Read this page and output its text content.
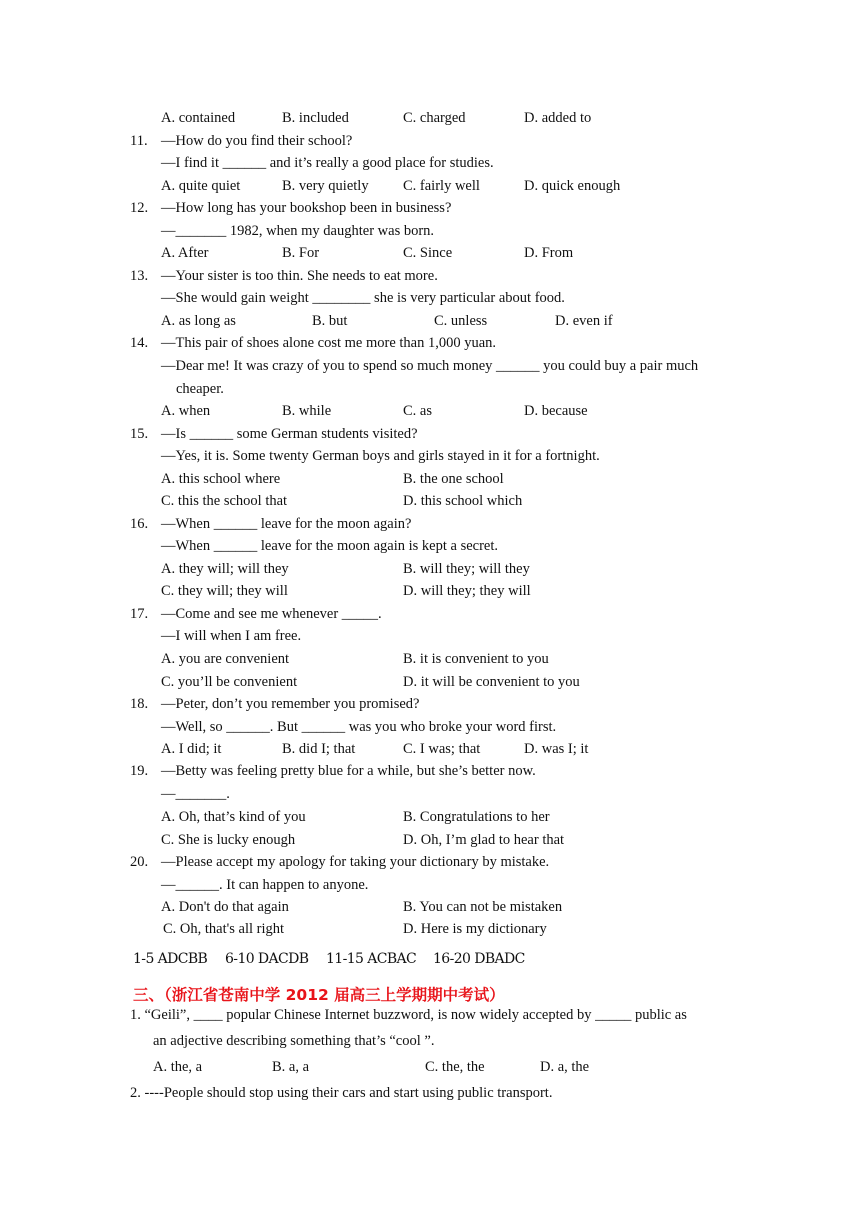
A. contained	B. included	C. charged	D. added to
11. —How do you find their school?
—I find it ______ and it’s really a good place for studies.
A. quite quiet	B. very quietly C. fairly well	D. quick enough
12. —How long has your bookshop been in business?
—_______ 1982, when my daughter was born.
A. After	B. For	C. Since	D. From
13. —Your sister is too thin. She needs to eat more.
—She would gain weight ________ she is very particular about food.
A. as long as	B. but	C. unless	D. even if
14. —This pair of shoes alone cost me more than 1,000 yuan.
—Dear me! It was crazy of you to spend so much money ______ you could buy a pair much
cheaper.
A. when	B. while	C. as	D. because
15. —Is ______ some German students visited?
—Yes, it is. Some twenty German boys and girls stayed in it for a fortnight.
A. this school where	B. the one school
C. this the school that	D. this school which
16. —When ______ leave for the moon again?
—When ______ leave for the moon again is kept a secret.
A. they will; will they	B. will they; will they
C. they will; they will	D. will they; they will
17. —Come and see me whenever _____.
—I will when I am free.
A. you are convenient	B. it is convenient to you
C. you’ll be convenient	D. it will be convenient to you
18. —Peter, don’t you remember you promised?
—Well, so ______. But ______ was you who broke your word first.
A. I did; it	B. did I; that	C. I was; that	D. was I; it
19. —Betty was feeling pretty blue for a while, but she’s better now.
—_______.
A. Oh, that’s kind of you	B. Congratulations to her
C. She is lucky enough	D. Oh, I’m glad to hear that
20. —Please accept my apology for taking your dictionary by mistake.
—______. It can happen to anyone.
A. Don't do that again	B. You can not be mistaken
C. Oh, that's all right	D. Here is my dictionary
1-5 ADCBB 6-10 DACDB 11-15 ACBAC 16-20 DBADC
三、（浙江省苍南中学 2012 届高三上学期期中考试）
1. “Geili”, ____ popular Chinese Internet buzzword, is now widely accepted by _____ public as
an adjective describing something that’s “cool ”.
A. the, a	B. a, a	C. the, the	D. a, the
2. ----People should stop using their cars and start using public transport.
